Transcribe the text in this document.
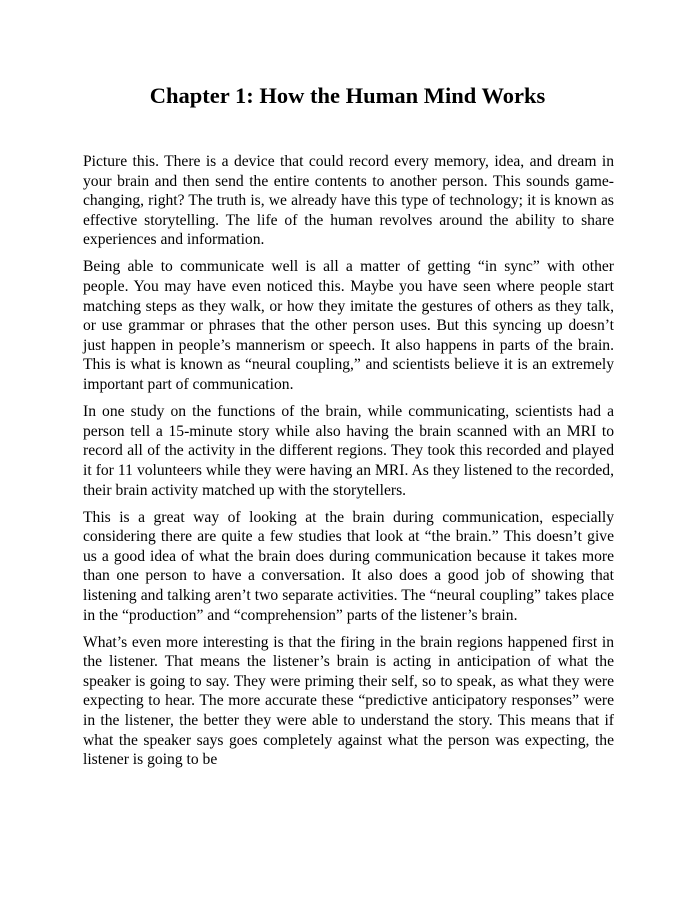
Chapter 1: How the Human Mind Works

Picture this. There is a device that could record every memory, idea, and dream in your brain and then send the entire contents to another person. This sounds game-changing, right? The truth is, we already have this type of technology; it is known as effective storytelling. The life of the human revolves around the ability to share experiences and information.

Being able to communicate well is all a matter of getting “in sync” with other people. You may have even noticed this. Maybe you have seen where people start matching steps as they walk, or how they imitate the gestures of others as they talk, or use grammar or phrases that the other person uses. But this syncing up doesn’t just happen in people’s mannerism or speech. It also happens in parts of the brain. This is what is known as “neural coupling,” and scientists believe it is an extremely important part of communication.

In one study on the functions of the brain, while communicating, scientists had a person tell a 15-minute story while also having the brain scanned with an MRI to record all of the activity in the different regions. They took this recorded and played it for 11 volunteers while they were having an MRI. As they listened to the recorded, their brain activity matched up with the storytellers.

This is a great way of looking at the brain during communication, especially considering there are quite a few studies that look at “the brain.” This doesn’t give us a good idea of what the brain does during communication because it takes more than one person to have a conversation. It also does a good job of showing that listening and talking aren’t two separate activities. The “neural coupling” takes place in the “production” and “comprehension” parts of the listener’s brain.

What’s even more interesting is that the firing in the brain regions happened first in the listener. That means the listener’s brain is acting in anticipation of what the speaker is going to say. They were priming their self, so to speak, as what they were expecting to hear. The more accurate these “predictive anticipatory responses” were in the listener, the better they were able to understand the story. This means that if what the speaker says goes completely against what the person was expecting, the listener is going to be
